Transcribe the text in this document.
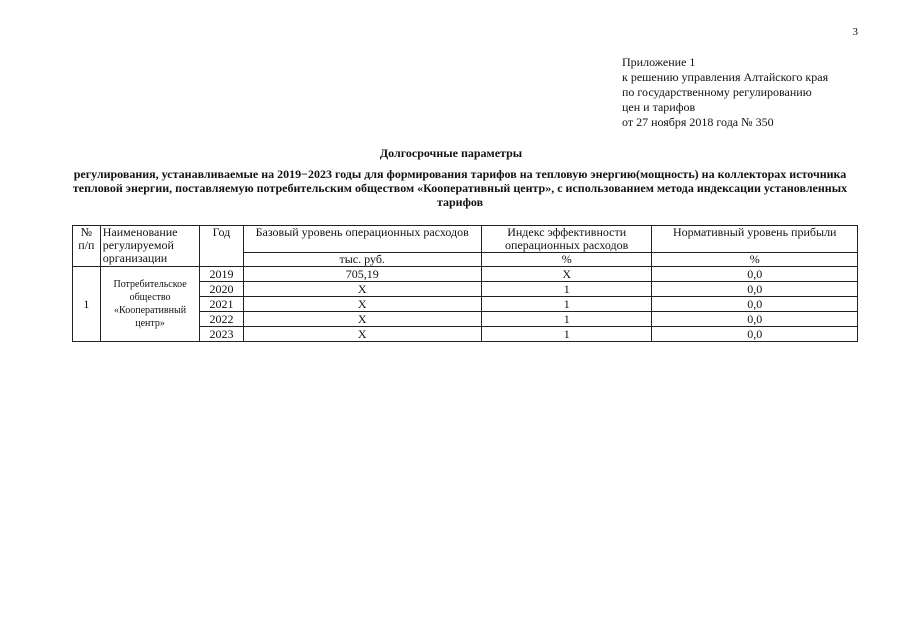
3
Приложение 1
к решению управления Алтайского края
по государственному регулированию
цен и тарифов
от 27 ноября 2018 года № 350
Долгосрочные параметры
регулирования, устанавливаемые на 2019−2023 годы для формирования тарифов на тепловую энергию(мощность) на коллекторах источника тепловой энергии, поставляемую потребительским обществом «Кооперативный центр», с использованием метода индексации установленных тарифов
№ п/п	Наименование регулируемой организации	Год	Базовый уровень операционных расходов	Индекс эффективности операционных расходов	Нормативный уровень прибыли
			тыс. руб.	%	%
1	Потребительское общество «Кооперативный центр»	2019	705,19	X	0,0
		2020	X	1	0,0
		2021	X	1	0,0
		2022	X	1	0,0
		2023	X	1	0,0
